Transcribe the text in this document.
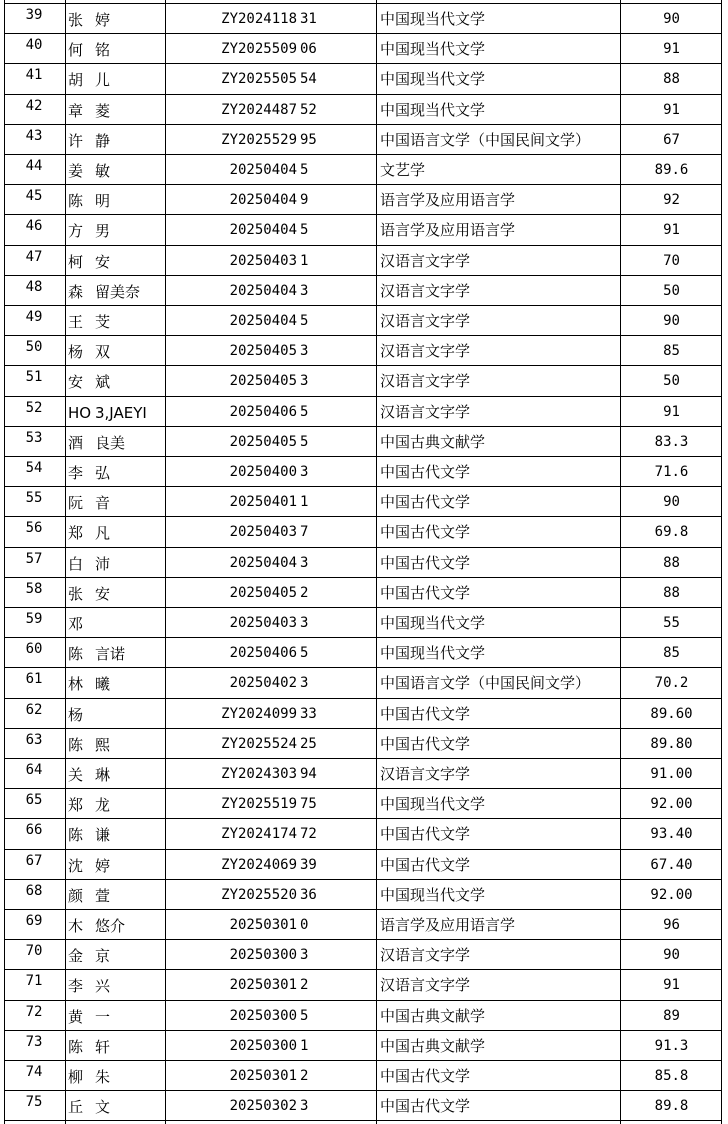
39	张 婷	ZY2024118 31	中国现当代文学	90
40	何 铭	ZY2025509 06	中国现当代文学	91
41	胡 儿	ZY2025505 54	中国现当代文学	88
42	章 菱	ZY2024487 52	中国现当代文学	91
43	许 静	ZY2025529 95	中国语言文学（中国民间文学）	67
44	姜 敏	20250404 5	文艺学	89.6
45	陈 明	20250404 9	语言学及应用语言学	92
46	方 男	20250404 5	语言学及应用语言学	91
47	柯 安	20250403 1	汉语言文字学	70
48	森 留美奈	20250404 3	汉语言文字学	50
49	王 芠	20250404 5	汉语言文字学	90
50	杨 双	20250405 3	汉语言文字学	85
51	安 斌	20250405 3	汉语言文字学	50
52	HO 3,JAEYI	20250406 5	汉语言文字学	91
53	酒 良美	20250405 5	中国古典文献学	83.3
54	李 弘	20250400 3	中国古代文学	71.6
55	阮 音	20250401 1	中国古代文学	90
56	郑 凡	20250403 7	中国古代文学	69.8
57	白 沛	20250404 3	中国古代文学	88
58	张 安	20250405 2	中国古代文学	88
59	邓	20250403 3	中国现当代文学	55
60	陈 言诺	20250406 5	中国现当代文学	85
61	林 曦	20250402 3	中国语言文学（中国民间文学）	70.2
62	杨	ZY2024099 33	中国古代文学	89.60
63	陈 熙	ZY2025524 25	中国古代文学	89.80
64	关 琳	ZY2024303 94	汉语言文字学	91.00
65	郑 龙	ZY2025519 75	中国现当代文学	92.00
66	陈 谦	ZY2024174 72	中国古代文学	93.40
67	沈 婷	ZY2024069 39	中国古代文学	67.40
68	颜 萱	ZY2025520 36	中国现当代文学	92.00
69	木 悠介	20250301 0	语言学及应用语言学	96
70	金 京	20250300 3	汉语言文字学	90
71	李 兴	20250301 2	汉语言文字学	91
72	黄 一	20250300 5	中国古典文献学	89
73	陈 轩	20250300 1	中国古典文献学	91.3
74	柳 朱	20250301 2	中国古代文学	85.8
75	丘 文	20250302 3	中国古代文学	89.8
